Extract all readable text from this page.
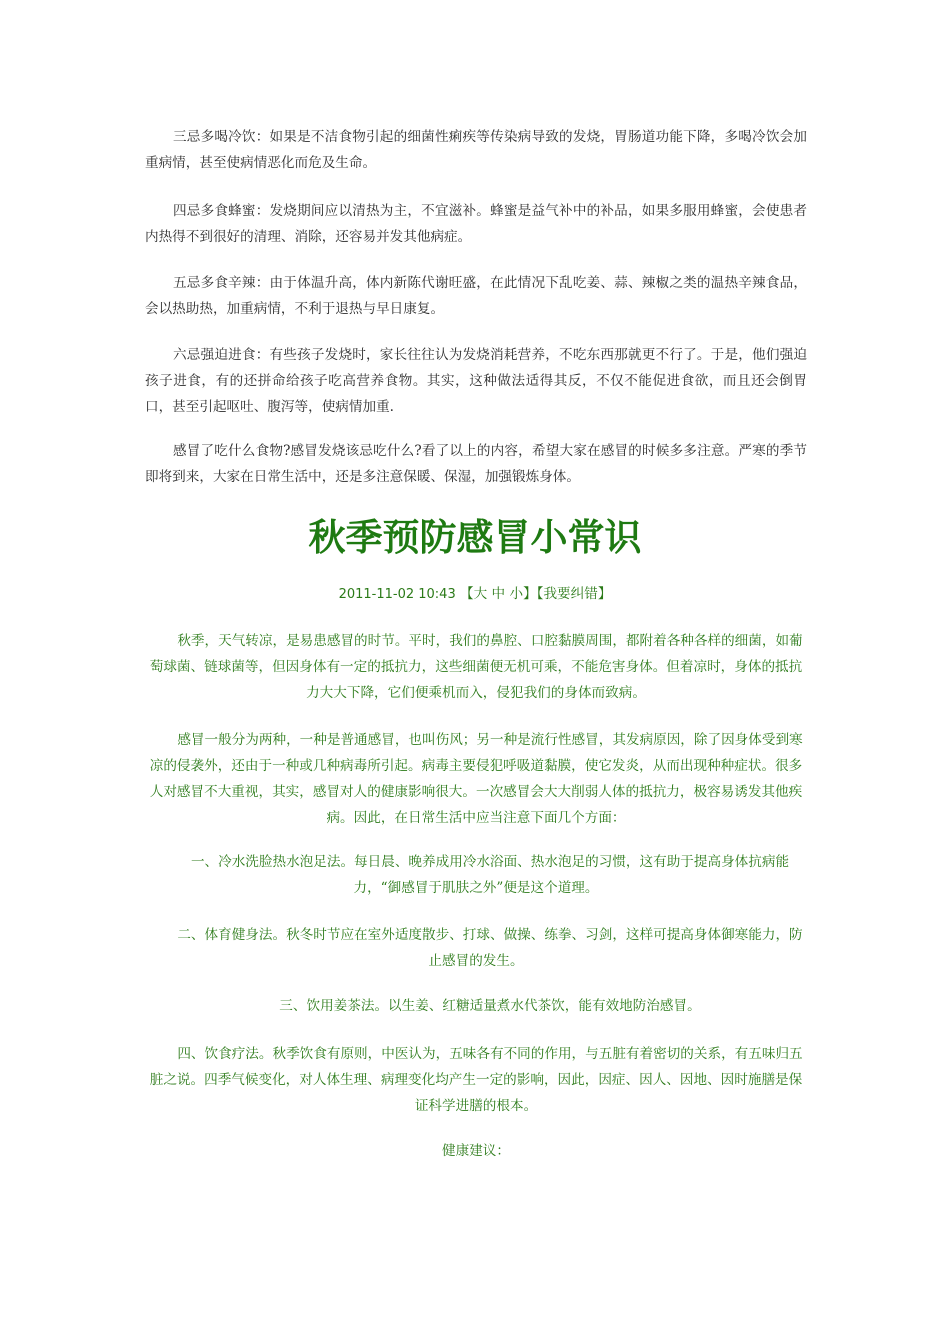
三忌多喝冷饮：如果是不洁食物引起的细菌性痢疾等传染病导致的发烧，胃肠道功能下降，多喝冷饮会加重病情，甚至使病情恶化而危及生命。

四忌多食蜂蜜：发烧期间应以清热为主，不宜滋补。蜂蜜是益气补中的补品，如果多服用蜂蜜，会使患者内热得不到很好的清理、消除，还容易并发其他病症。

五忌多食辛辣：由于体温升高，体内新陈代谢旺盛，在此情况下乱吃姜、蒜、辣椒之类的温热辛辣食品，会以热助热，加重病情，不利于退热与早日康复。

六忌强迫进食：有些孩子发烧时，家长往往认为发烧消耗营养，不吃东西那就更不行了。于是，他们强迫孩子进食，有的还拼命给孩子吃高营养食物。其实，这种做法适得其反，不仅不能促进食欲，而且还会倒胃口，甚至引起呕吐、腹泻等，使病情加重.

感冒了吃什么食物?感冒发烧该忌吃什么?看了以上的内容，希望大家在感冒的时候多多注意。严寒的季节即将到来，大家在日常生活中，还是多注意保暖、保湿，加强锻炼身体。

秋季预防感冒小常识
2011-11-02 10:43 【大 中 小】【我要纠错】

秋季，天气转凉，是易患感冒的时节。平时，我们的鼻腔、口腔黏膜周围，都附着各种各样的细菌，如葡萄球菌、链球菌等，但因身体有一定的抵抗力，这些细菌便无机可乘，不能危害身体。但着凉时，身体的抵抗力大大下降，它们便乘机而入，侵犯我们的身体而致病。

感冒一般分为两种，一种是普通感冒，也叫伤风；另一种是流行性感冒，其发病原因，除了因身体受到寒凉的侵袭外，还由于一种或几种病毒所引起。病毒主要侵犯呼吸道黏膜，使它发炎，从而出现种种症状。很多人对感冒不大重视，其实，感冒对人的健康影响很大。一次感冒会大大削弱人体的抵抗力，极容易诱发其他疾病。因此，在日常生活中应当注意下面几个方面：

一、冷水洗脸热水泡足法。每日晨、晚养成用冷水浴面、热水泡足的习惯，这有助于提高身体抗病能力，“御感冒于肌肤之外”便是这个道理。

二、体育健身法。秋冬时节应在室外适度散步、打球、做操、练拳、习剑，这样可提高身体御寒能力，防止感冒的发生。

三、饮用姜茶法。以生姜、红糖适量煮水代茶饮，能有效地防治感冒。

四、饮食疗法。秋季饮食有原则，中医认为，五味各有不同的作用，与五脏有着密切的关系，有五味归五脏之说。四季气候变化，对人体生理、病理变化均产生一定的影响，因此，因症、因人、因地、因时施膳是保证科学进膳的根本。

健康建议：
